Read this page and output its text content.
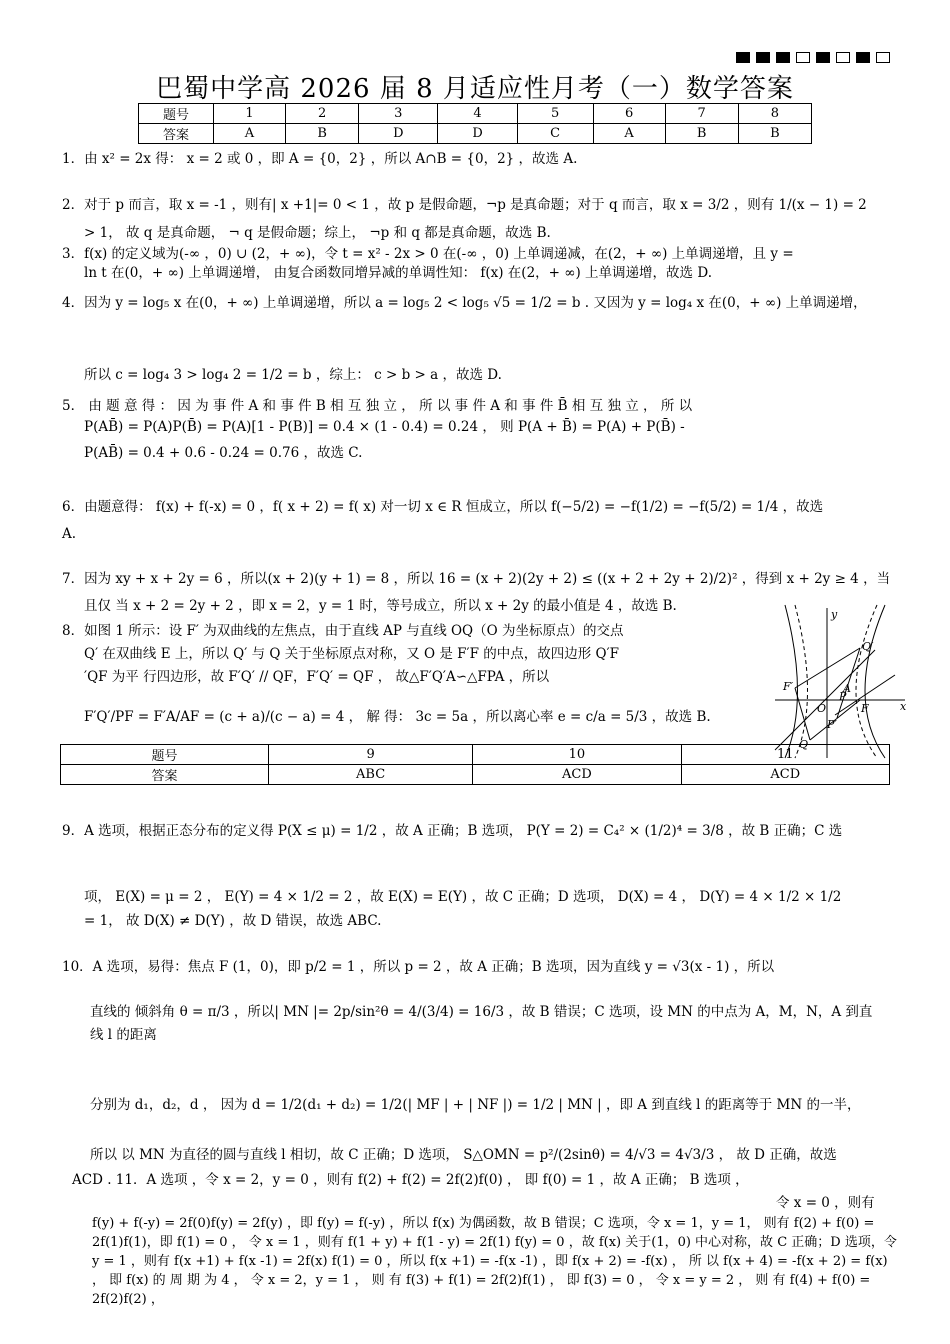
巴蜀中学高 2026 届 8 月适应性月考（一）数学答案
题号	1	2	3	4	5	6	7	8
答案	A	B	D	D	C	A	B	B
1．由 x² = 2x 得： x = 2 或 0 ，即 A = {0，2} ，所以 A∩B = {0，2} ，故选 A.
2．对于 p 而言，取 x = -1 ，则有| x +1|= 0 < 1 ，故 p 是假命题，¬p 是真命题；对于 q 而言，取 x = 3/2 ，则有 1/(x − 1) = 2
> 1， 故 q 是真命题， ¬ q 是假命题；综上， ¬p 和 q 都是真命题，故选 B.
3．f(x) 的定义域为(-∞ ，0) ∪ (2，+ ∞)，令 t = x² - 2x > 0 在(-∞ ，0) 上单调递减，在(2，+ ∞) 上单调递增，且 y =
ln t 在(0，+ ∞) 上单调递增， 由复合函数同增异减的单调性知： f(x) 在(2，+ ∞) 上单调递增，故选 D.
4．因为 y = log₅ x 在(0，+ ∞) 上单调递增，所以 a = log₅ 2 < log₅ √5 = 1/2 = b . 又因为 y = log₄ x 在(0，+ ∞) 上单调递增，
所以 c = log₄ 3 > log₄ 2 = 1/2 = b ，综上： c > b > a ，故选 D.
5． 由 题 意 得 ： 因 为 事 件 A 和 事 件 B 相 互 独 立 ， 所 以 事 件 A 和 事 件 B̄ 相 互 独 立 ， 所 以
P(AB̄) = P(A)P(B̄) = P(A)[1 - P(B)] = 0.4 × (1 - 0.4) = 0.24 ， 则 P(A + B̄) = P(A) + P(B̄) -
P(AB̄) = 0.4 + 0.6 - 0.24 = 0.76 ，故选 C.
6．由题意得： f(x) + f(-x) = 0 ，f( x + 2) = f( x) 对一切 x ∈ R 恒成立，所以 f(−5/2) = −f(1/2) = −f(5/2) = 1/4 ，故选
A.
7．因为 xy + x + 2y = 6 ，所以(x + 2)(y + 1) = 8 ，所以 16 = (x + 2)(2y + 2) ≤ ((x + 2 + 2y + 2)/2)² ，得到 x + 2y ≥ 4 ，当
且仅 当 x + 2 = 2y + 2 ，即 x = 2，y = 1 时，等号成立，所以 x + 2y 的最小值是 4 ，故选 B.
8．如图 1 所示：设 F′ 为双曲线的左焦点，由于直线 AP 与直线 OQ（O 为坐标原点）的交点
Q′ 在双曲线 E 上，所以 Q′ 与 Q 关于坐标原点对称，又 O 是 F′F 的中点，故四边形 Q′F
′QF 为平 行四边形，故 F′Q′ // QF，F′Q′ = QF ， 故△F′Q′A∽△FPA ，所以
F′Q′/PF = F′A/AF = (c + a)/(c − a) = 4 ， 解 得： 3c = 5a ，所以离心率 e = c/a = 5/3 ，故选 B.
y
Q′
F′
O
A
F	x
P
P′
Q
题号	9	10	11
答案	ABC	ACD	ACD
9．A 选项，根据正态分布的定义得 P(X ≤ μ) = 1/2 ，故 A 正确；B 选项， P(Y = 2) = C₄² × (1/2)⁴ = 3/8 ，故 B 正确；C 选
项， E(X) = μ = 2 ， E(Y) = 4 × 1/2 = 2 ，故 E(X) = E(Y) ，故 C 正确；D 选项， D(X) = 4 ， D(Y) = 4 × 1/2 × 1/2
= 1， 故 D(X) ≠ D(Y) ，故 D 错误，故选 ABC.
10．A 选项，易得：焦点 F (1，0)，即 p/2 = 1 ，所以 p = 2 ，故 A 正确；B 选项，因为直线 y = √3(x - 1) ，所以
直线的 倾斜角 θ = π/3 ，所以| MN |= 2p/sin²θ = 4/(3/4) = 16/3 ，故 B 错误；C 选项，设 MN 的中点为 A，M，N，A 到直
线 l 的距离
分别为 d₁，d₂，d ， 因为 d = 1/2(d₁ + d₂) = 1/2(| MF | + | NF |) = 1/2 | MN | ，即 A 到直线 l 的距离等于 MN 的一半，
所以 以 MN 为直径的圆与直线 l 相切，故 C 正确；D 选项， S△OMN = p²/(2sinθ) = 4/√3 = 4√3/3 ， 故 D 正确，故选
ACD . 11．A 选项 ，令 x = 2，y = 0 ，则有 f(2) + f(2) = 2f(2)f(0) ， 即 f(0) = 1 ，故 A 正确； B 选项 ，
令 x = 0 ，则有
f(y) + f(-y) = 2f(0)f(y) = 2f(y) ，即 f(y) = f(-y) ，所以 f(x) 为偶函数，故 B 错误；C 选项，令 x = 1，y = 1， 则有 f(2) + f(0) = 2f(1)f(1)，即 f(1) = 0 ， 令 x = 1 ，则有 f(1 + y) + f(1 - y) = 2f(1) f(y) = 0 ，故 f(x) 关于(1，0) 中心对称，故 C 正确；D 选项，令 y = 1 ，则有 f(x +1) + f(x -1) = 2f(x) f(1) = 0 ，所以 f(x +1) = -f(x -1) ，即 f(x + 2) = -f(x) ， 所 以 f(x + 4) = -f(x + 2) = f(x) ， 即 f(x) 的 周 期 为 4 ， 令 x = 2，y = 1 ， 则 有 f(3) + f(1) = 2f(2)f(1) ， 即 f(3) = 0 ， 令 x = y = 2 ， 则 有 f(4) + f(0) = 2f(2)f(2) ，
